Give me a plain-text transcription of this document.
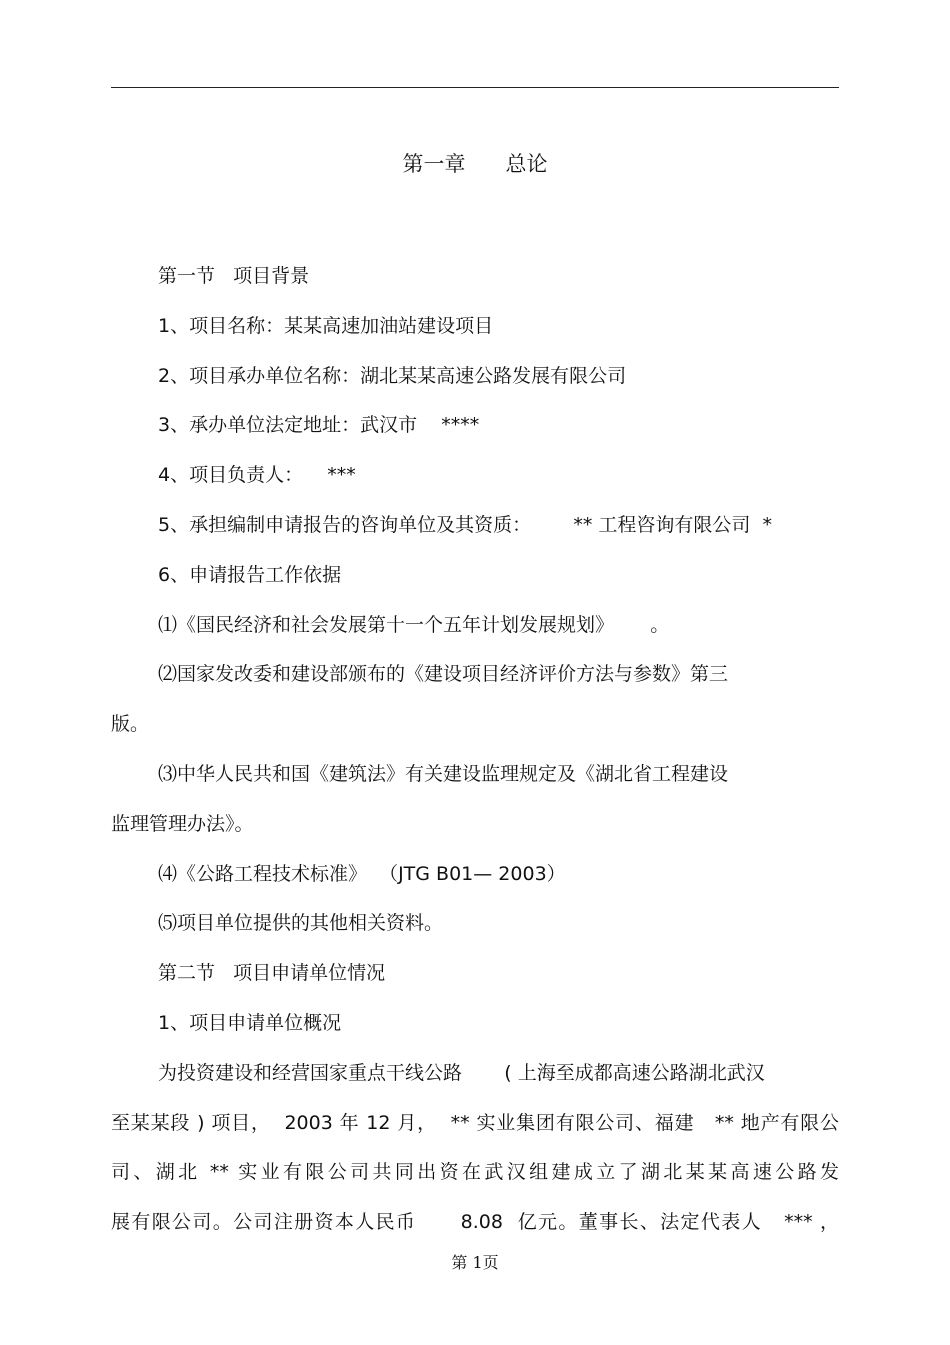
第一章      总论
第一节   项目背景
1、项目名称：某某高速加油站建设项目
2、项目承办单位名称：湖北某某高速公路发展有限公司
3、承办单位法定地址：武汉市    ****
4、项目负责人：    ***
5、承担编制申请报告的咨询单位及其资质：       ** 工程咨询有限公司  *
6、申请报告工作依据
⑴《国民经济和社会发展第十一个五年计划发展规划》      。
⑵国家发改委和建设部颁布的《建设项目经济评价方法与参数》第三
版。
⑶中华人民共和国《建筑法》有关建设监理规定及《湖北省工程建设
监理管理办法》。
⑷《公路工程技术标准》  （JTG B01— 2003）
⑸项目单位提供的其他相关资料。
第二节   项目申请单位情况
1、项目申请单位概况
为投资建设和经营国家重点干线公路       ( 上海至成都高速公路湖北武汉
至某某段 ) 项目，  2003 年 12 月，  ** 实业集团有限公司、福建   ** 地产有限公
司、湖北 ** 实业有限公司共同出资在武汉组建成立了湖北某某高速公路发
展有限公司。公司注册资本人民币      8.08  亿元。董事长、法定代表人   *** ，
第 1页
